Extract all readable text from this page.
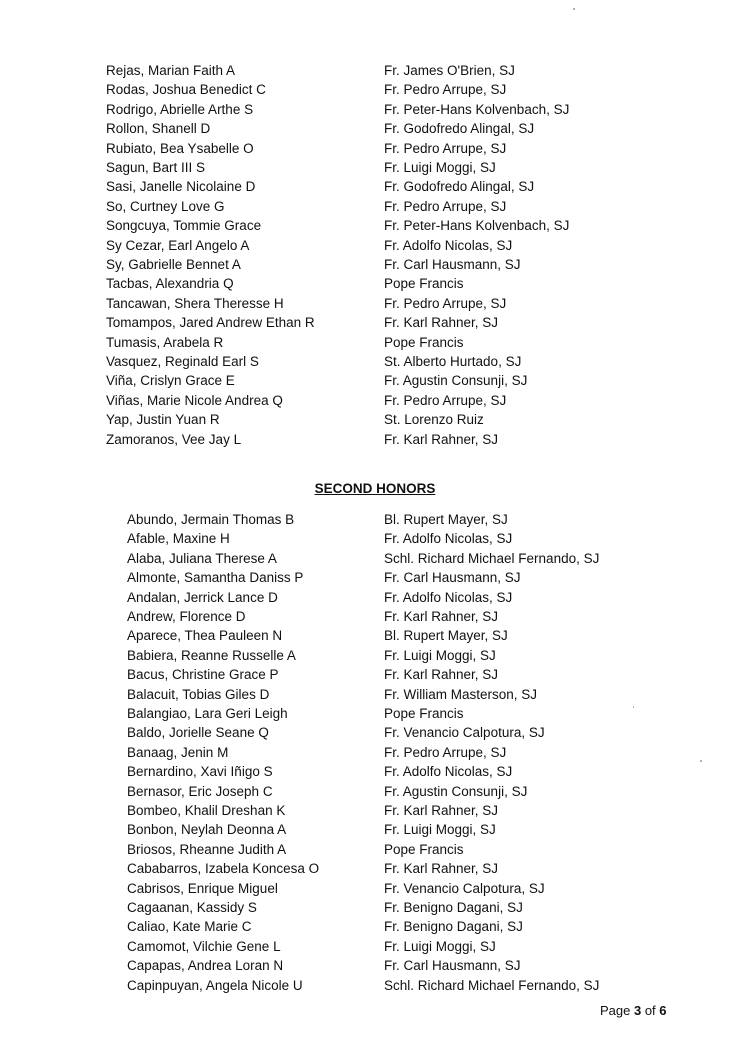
Rejas, Marian Faith A	Fr. James O'Brien, SJ
Rodas, Joshua Benedict C	Fr. Pedro Arrupe, SJ
Rodrigo, Abrielle Arthe S	Fr. Peter-Hans Kolvenbach, SJ
Rollon, Shanell D	Fr. Godofredo Alingal, SJ
Rubiato, Bea Ysabelle O	Fr. Pedro Arrupe, SJ
Sagun, Bart III S	Fr. Luigi Moggi, SJ
Sasi, Janelle Nicolaine D	Fr. Godofredo Alingal, SJ
So, Curtney Love G	Fr. Pedro Arrupe, SJ
Songcuya, Tommie Grace	Fr. Peter-Hans Kolvenbach, SJ
Sy Cezar, Earl Angelo A	Fr. Adolfo Nicolas, SJ
Sy, Gabrielle Bennet A	Fr. Carl Hausmann, SJ
Tacbas, Alexandria Q	Pope Francis
Tancawan, Shera Theresse H	Fr. Pedro Arrupe, SJ
Tomampos, Jared Andrew Ethan R	Fr. Karl Rahner, SJ
Tumasis, Arabela R	Pope Francis
Vasquez, Reginald Earl S	St. Alberto Hurtado, SJ
Viña, Crislyn Grace E	Fr. Agustin Consunji, SJ
Viñas, Marie Nicole Andrea Q	Fr. Pedro Arrupe, SJ
Yap, Justin Yuan R	St. Lorenzo Ruiz
Zamoranos, Vee Jay L	Fr. Karl Rahner, SJ
SECOND HONORS
Abundo, Jermain Thomas B	Bl. Rupert Mayer, SJ
Afable, Maxine H	Fr. Adolfo Nicolas, SJ
Alaba, Juliana Therese A	Schl. Richard Michael Fernando, SJ
Almonte, Samantha Daniss P	Fr. Carl Hausmann, SJ
Andalan, Jerrick Lance D	Fr. Adolfo Nicolas, SJ
Andrew, Florence D	Fr. Karl Rahner, SJ
Aparece, Thea Pauleen N	Bl. Rupert Mayer, SJ
Babiera, Reanne Russelle A	Fr. Luigi Moggi, SJ
Bacus, Christine Grace P	Fr. Karl Rahner, SJ
Balacuit, Tobias Giles D	Fr. William Masterson, SJ
Balangiao, Lara Geri Leigh	Pope Francis
Baldo, Jorielle Seane Q	Fr. Venancio Calpotura, SJ
Banaag, Jenin M	Fr. Pedro Arrupe, SJ
Bernardino, Xavi Iñigo S	Fr. Adolfo Nicolas, SJ
Bernasor, Eric Joseph C	Fr. Agustin Consunji, SJ
Bombeo, Khalil Dreshan K	Fr. Karl Rahner, SJ
Bonbon, Neylah Deonna A	Fr. Luigi Moggi, SJ
Briosos, Rheanne Judith A	Pope Francis
Cababarros, Izabela Koncesa O	Fr. Karl Rahner, SJ
Cabrisos, Enrique Miguel	Fr. Venancio Calpotura, SJ
Cagaanan, Kassidy S	Fr. Benigno Dagani, SJ
Caliao, Kate Marie C	Fr. Benigno Dagani, SJ
Camomot, Vilchie Gene L	Fr. Luigi Moggi, SJ
Capapas, Andrea Loran N	Fr. Carl Hausmann, SJ
Capinpuyan, Angela Nicole U	Schl. Richard Michael Fernando, SJ
Page 3 of 6
